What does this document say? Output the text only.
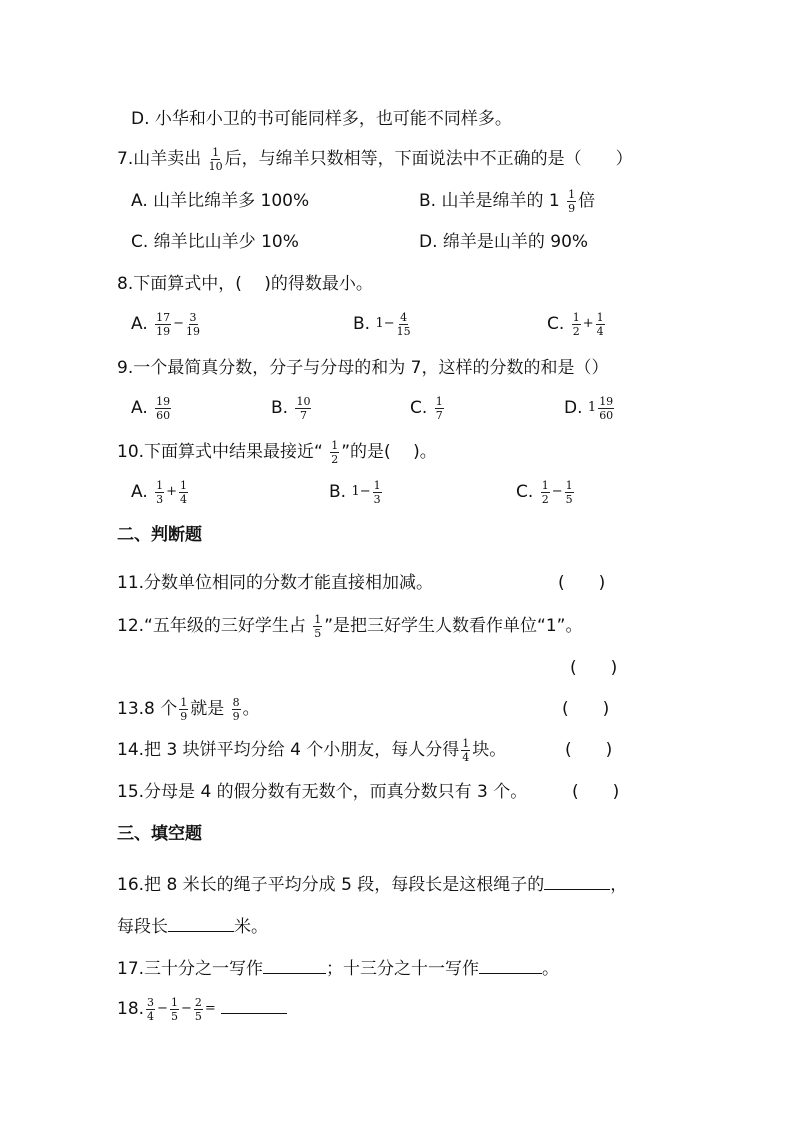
D. 小华和小卫的书可能同样多，也可能不同样多。
7.山羊卖出 $\frac{1}{10}$ 后，与绵羊只数相等，下面说法中不正确的是（　　）
A. 山羊比绵羊多 100%	B. 山羊是绵羊的 $1 \frac{1}{9}$ 倍
C. 绵羊比山羊少 10%	D. 绵羊是山羊的 90%
8.下面算式中，(　 )的得数最小。
A. $\frac{17}{19} - \frac{3}{19}$	B. $1- \frac{4}{15}$	C. $\frac{1}{2} + \frac{1}{4}$
9.一个最简真分数，分子与分母的和为 7，这样的分数的和是（）
A. $\frac{19}{60}$	B. $\frac{10}{7}$	C. $\frac{1}{7}$	D. $1 \frac{19}{60}$
10.下面算式中结果最接近“ $\frac{1}{2}$ ”的是(　 )。
A. $\frac{1}{3} + \frac{1}{4}$	B. $1- \frac{1}{3}$	C. $\frac{1}{2} - \frac{1}{5}$
二、判断题
11.分数单位相同的分数才能直接相加减。	(　　)
12.“五年级的三好学生占 $\frac{1}{5}$ ”是把三好学生人数看作单位“1”。
(　　)
13.8 个 $\frac{1}{9}$ 就是 $\frac{8}{9}$ 。	(　　)
14.把 3 块饼平均分给 4 个小朋友，每人分得 $\frac{1}{4}$ 块。	(　　)
15.分母是 4 的假分数有无数个，而真分数只有 3 个。	(　　)
三、填空题
16.把 8 米长的绳子平均分成 5 段，每段长是这根绳子的	，
每段长	米。
17.三十分之一写作	；十三分之十一写作	。
18. $\frac{3}{4} - \frac{1}{5} - \frac{2}{5}$ =
